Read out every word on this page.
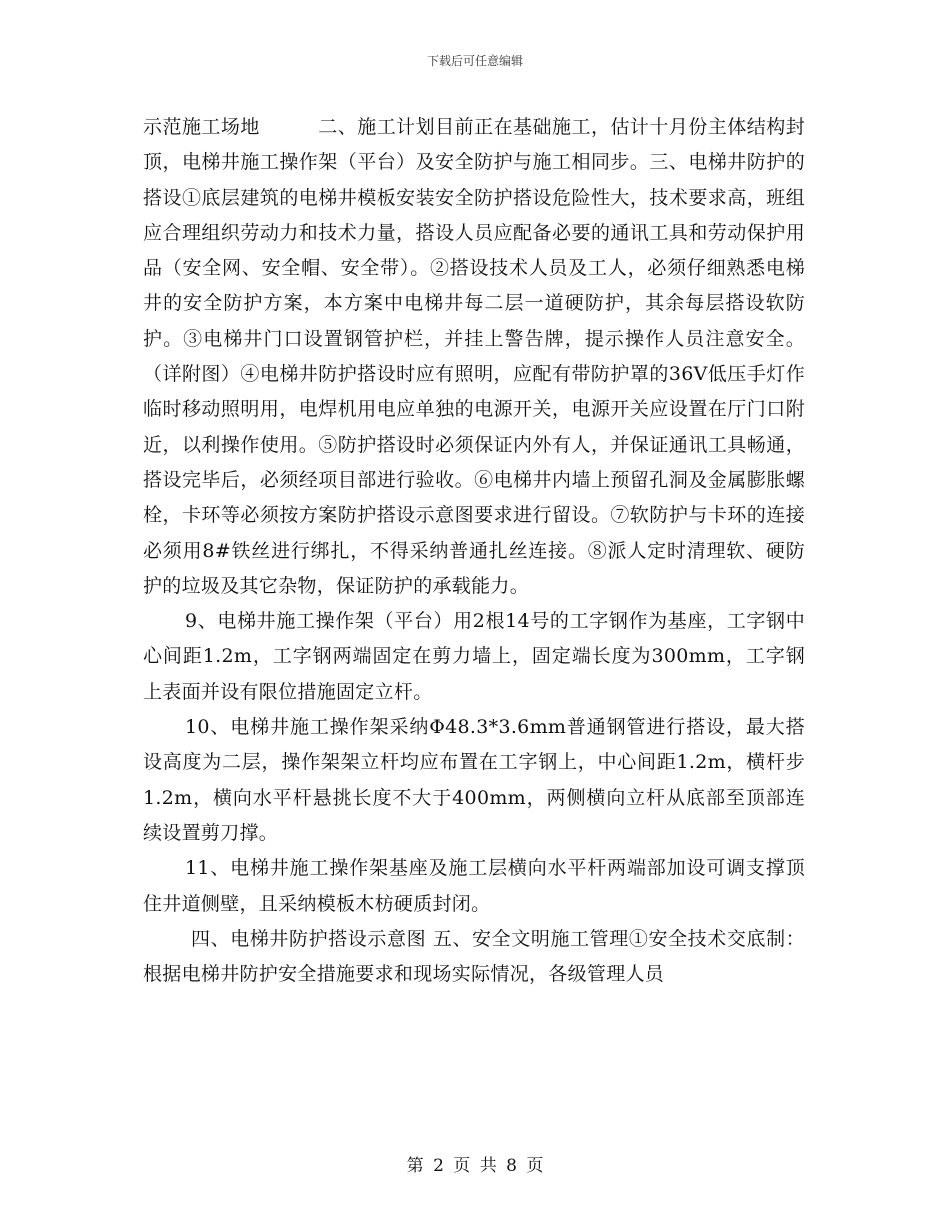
下载后可任意编辑

示范施工场地　　　二、施工计划目前正在基础施工，估计十月份主体结构封顶，电梯井施工操作架（平台）及安全防护与施工相同步。三、电梯井防护的搭设①底层建筑的电梯井模板安装安全防护搭设危险性大，技术要求高，班组应合理组织劳动力和技术力量，搭设人员应配备必要的通讯工具和劳动保护用品（安全网、安全帽、安全带）。②搭设技术人员及工人，必须仔细熟悉电梯井的安全防护方案，本方案中电梯井每二层一道硬防护，其余每层搭设软防护。③电梯井门口设置钢管护栏，并挂上警告牌，提示操作人员注意安全。（详附图）④电梯井防护搭设时应有照明，应配有带防护罩的36V低压手灯作临时移动照明用，电焊机用电应单独的电源开关，电源开关应设置在厅门口附近，以利操作使用。⑤防护搭设时必须保证内外有人，并保证通讯工具畅通，搭设完毕后，必须经项目部进行验收。⑥电梯井内墙上预留孔洞及金属膨胀螺栓，卡环等必须按方案防护搭设示意图要求进行留设。⑦软防护与卡环的连接必须用8#铁丝进行绑扎，不得采纳普通扎丝连接。⑧派人定时清理软、硬防护的垃圾及其它杂物，保证防护的承载能力。

9、电梯井施工操作架（平台）用2根14号的工字钢作为基座，工字钢中心间距1.2m，工字钢两端固定在剪力墙上，固定端长度为300mm，工字钢上表面并设有限位措施固定立杆。

10、电梯井施工操作架采纳Φ48.3*3.6mm普通钢管进行搭设，最大搭设高度为二层，操作架架立杆均应布置在工字钢上，中心间距1.2m，横杆步1.2m，横向水平杆悬挑长度不大于400mm，两侧横向立杆从底部至顶部连续设置剪刀撑。

11、电梯井施工操作架基座及施工层横向水平杆两端部加设可调支撑顶住井道侧壁，且采纳模板木枋硬质封闭。

四、电梯井防护搭设示意图 五、安全文明施工管理①安全技术交底制：根据电梯井防护安全措施要求和现场实际情况，各级管理人员

第 2 页 共 8 页
